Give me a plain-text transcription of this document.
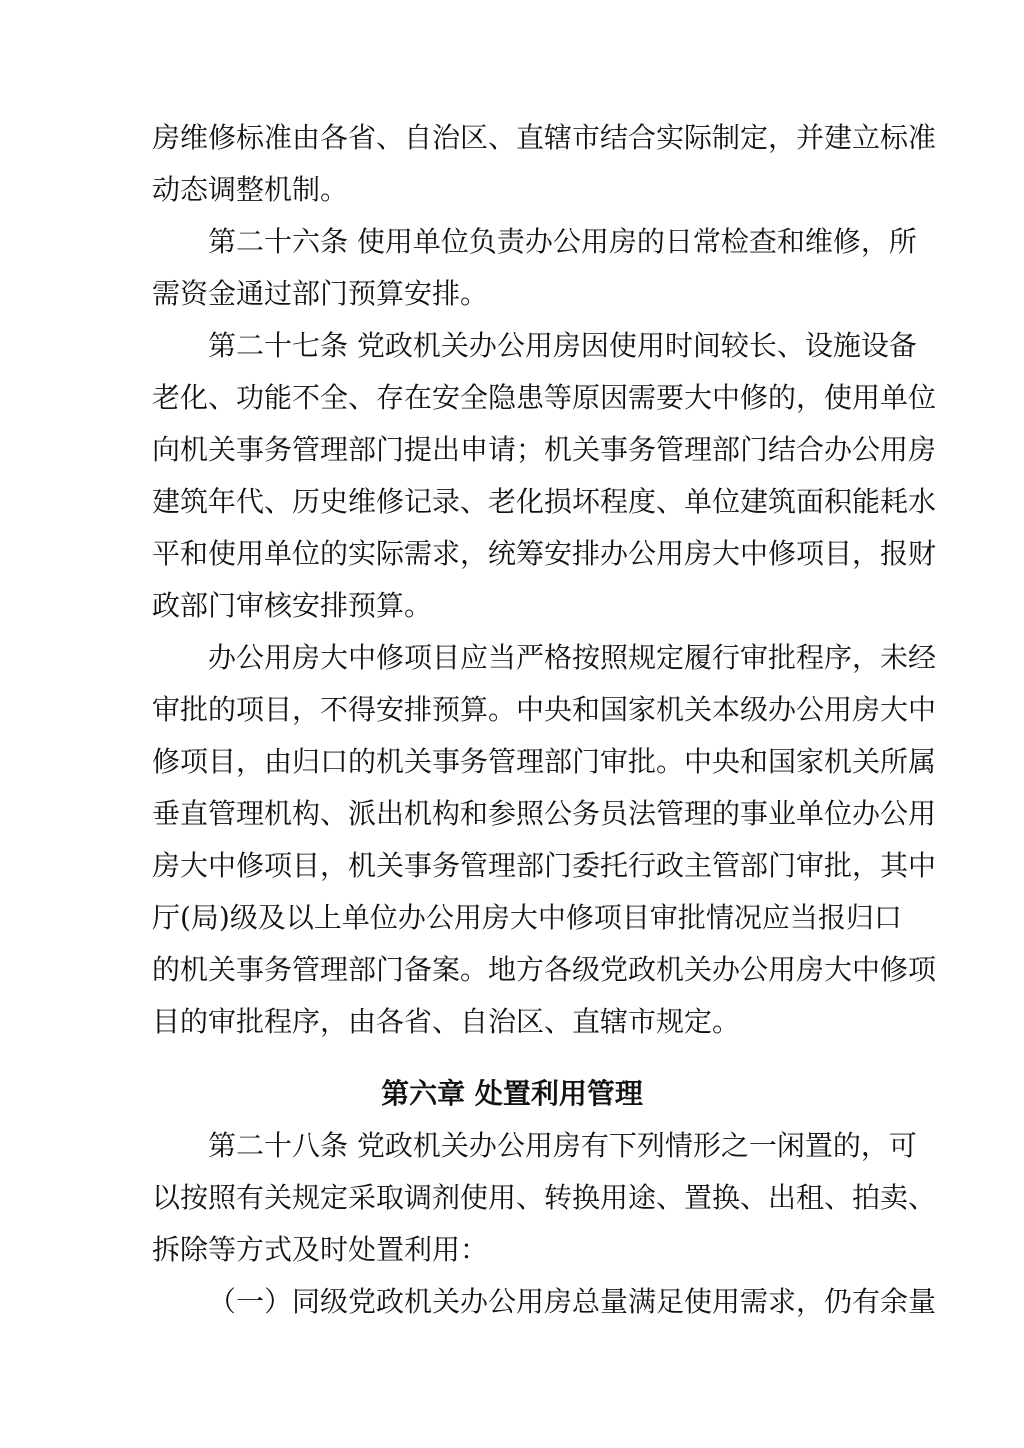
房维修标准由各省、自治区、直辖市结合实际制定，并建立标准
动态调整机制。
第二十六条 使用单位负责办公用房的日常检查和维修，所
需资金通过部门预算安排。
第二十七条 党政机关办公用房因使用时间较长、设施设备
老化、功能不全、存在安全隐患等原因需要大中修的，使用单位
向机关事务管理部门提出申请；机关事务管理部门结合办公用房
建筑年代、历史维修记录、老化损坏程度、单位建筑面积能耗水
平和使用单位的实际需求，统筹安排办公用房大中修项目，报财
政部门审核安排预算。
办公用房大中修项目应当严格按照规定履行审批程序，未经
审批的项目，不得安排预算。中央和国家机关本级办公用房大中
修项目，由归口的机关事务管理部门审批。中央和国家机关所属
垂直管理机构、派出机构和参照公务员法管理的事业单位办公用
房大中修项目，机关事务管理部门委托行政主管部门审批，其中
厅(局)级及以上单位办公用房大中修项目审批情况应当报归口
的机关事务管理部门备案。地方各级党政机关办公用房大中修项
目的审批程序，由各省、自治区、直辖市规定。
第六章 处置利用管理
第二十八条 党政机关办公用房有下列情形之一闲置的，可
以按照有关规定采取调剂使用、转换用途、置换、出租、拍卖、
拆除等方式及时处置利用：
（一）同级党政机关办公用房总量满足使用需求，仍有余量
